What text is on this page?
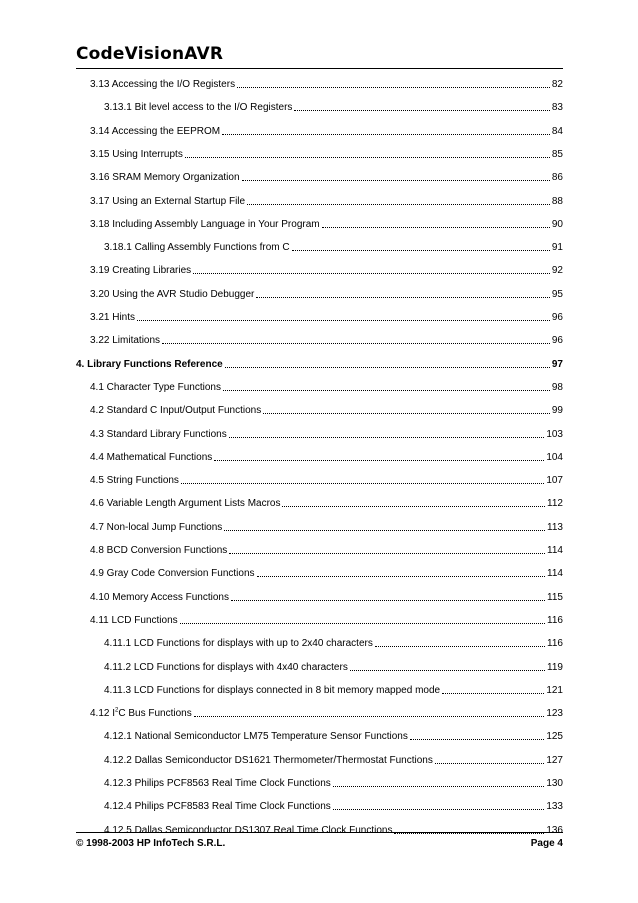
CodeVisionAVR
3.13 Accessing the I/O Registers	82
3.13.1 Bit level access to the I/O Registers	83
3.14 Accessing the EEPROM	84
3.15 Using Interrupts	85
3.16 SRAM Memory Organization	86
3.17 Using an External Startup File	88
3.18 Including Assembly Language in Your Program	90
3.18.1 Calling Assembly Functions from C	91
3.19 Creating Libraries	92
3.20 Using the AVR Studio Debugger	95
3.21 Hints	96
3.22 Limitations	96
4. Library Functions Reference	97
4.1 Character Type Functions	98
4.2 Standard C Input/Output Functions	99
4.3 Standard Library Functions	103
4.4 Mathematical Functions	104
4.5 String Functions	107
4.6 Variable Length Argument Lists Macros	112
4.7 Non-local Jump Functions	113
4.8 BCD Conversion Functions	114
4.9 Gray Code Conversion Functions	114
4.10 Memory Access Functions	115
4.11 LCD Functions	116
4.11.1 LCD Functions for displays with up to 2x40 characters	116
4.11.2 LCD Functions for displays with 4x40 characters	119
4.11.3 LCD Functions for displays connected in 8 bit memory mapped mode	121
4.12 $I^2C$ Bus Functions	123
4.12.1 National Semiconductor LM75 Temperature Sensor Functions	125
4.12.2 Dallas Semiconductor DS1621 Thermometer/Thermostat Functions	127
4.12.3 Philips PCF8563 Real Time Clock Functions	130
4.12.4 Philips PCF8583 Real Time Clock Functions	133
4.12.5 Dallas Semiconductor DS1307 Real Time Clock Functions	136
© 1998-2003 HP InfoTech S.R.L.	Page 4
